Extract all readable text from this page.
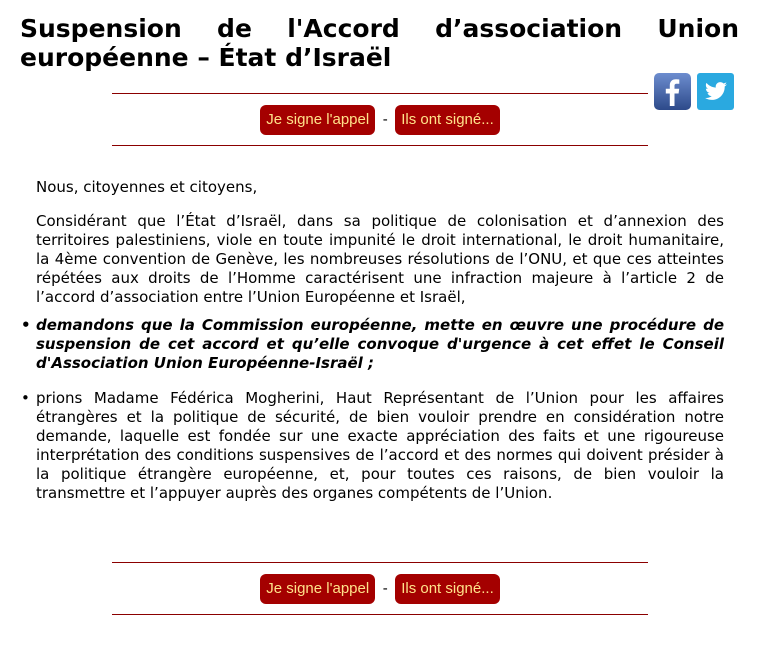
Suspension de l'Accord d’association Union européenne – État d’Israël
Je signe l'appel - Ils ont signé...

Nous, citoyennes et citoyens,

Considérant que l’État d’Israël, dans sa politique de colonisation et d’annexion des territoires palestiniens, viole en toute impunité le droit international, le droit humanitaire, la 4ème convention de Genève, les nombreuses résolutions de l’ONU, et que ces atteintes répétées aux droits de l’Homme caractérisent une infraction majeure à l’article 2 de l’accord d’association entre l’Union Européenne et Israël,

• demandons que la Commission européenne, mette en œuvre une procédure de suspension de cet accord et qu’elle convoque d'urgence à cet effet le Conseil d'Association Union Européenne-Israël ;
• prions Madame Fédérica Mogherini, Haut Représentant de l’Union pour les affaires étrangères et la politique de sécurité, de bien vouloir prendre en considération notre demande, laquelle est fondée sur une exacte appréciation des faits et une rigoureuse interprétation des conditions suspensives de l’accord et des normes qui doivent présider à la politique étrangère européenne, et, pour toutes ces raisons, de bien vouloir la transmettre et l’appuyer auprès des organes compétents de l’Union.
Je signe l'appel - Ils ont signé...
